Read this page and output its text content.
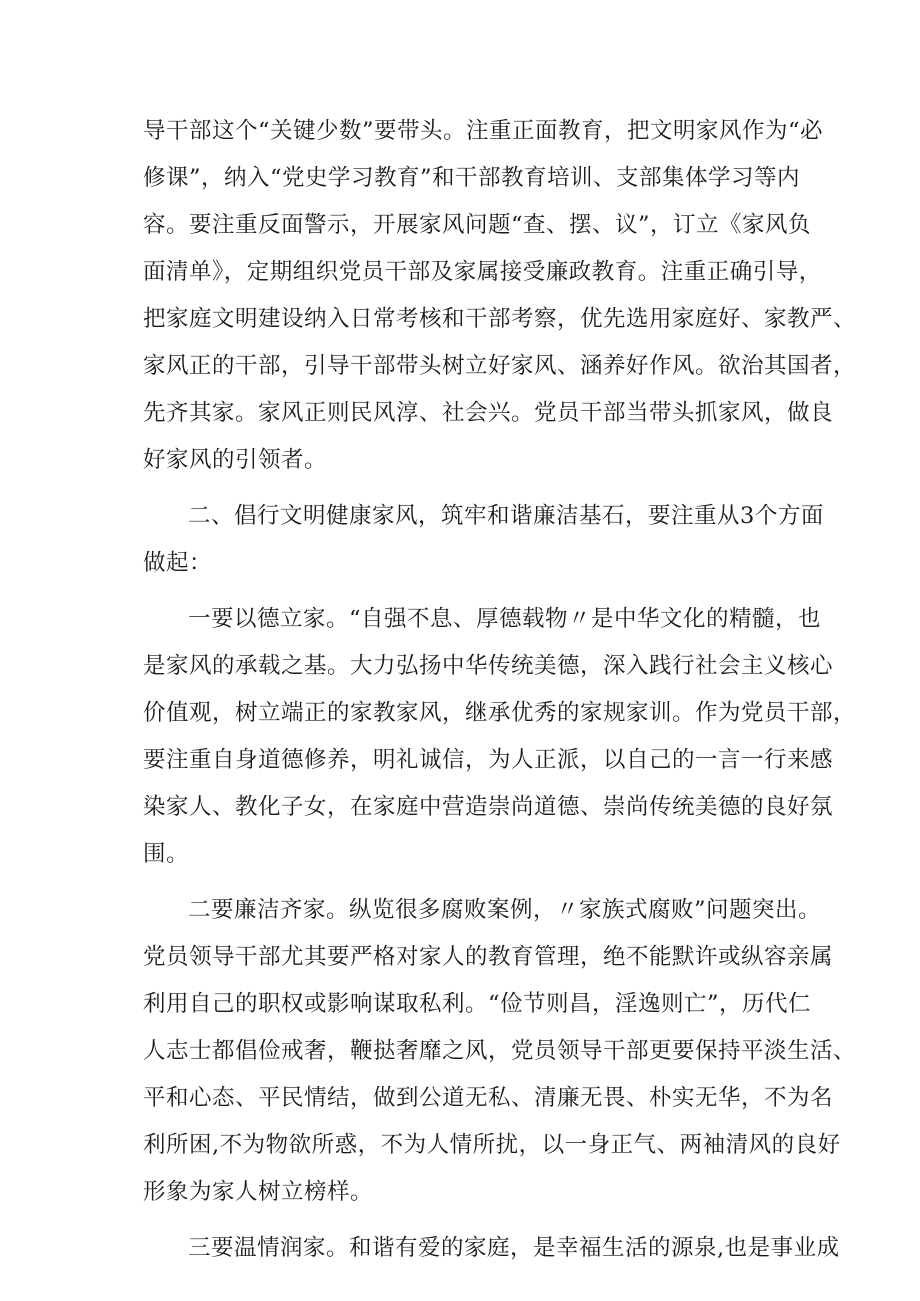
导干部这个“关键少数”要带头。注重正面教育，把文明家风作为“必
修课”，纳入“党史学习教育”和干部教育培训、支部集体学习等内
容。要注重反面警示，开展家风问题“查、摆、议”，订立《家风负
面清单》，定期组织党员干部及家属接受廉政教育。注重正确引导，
把家庭文明建设纳入日常考核和干部考察，优先选用家庭好、家教严、
家风正的干部，引导干部带头树立好家风、涵养好作风。欲治其国者，
先齐其家。家风正则民风淳、社会兴。党员干部当带头抓家风，做良
好家风的引领者。
二、倡行文明健康家风，筑牢和谐廉洁基石，要注重从3个方面
做起：
一要以德立家。“自强不息、厚德载物〃是中华文化的精髓，也
是家风的承载之基。大力弘扬中华传统美德，深入践行社会主义核心
价值观，树立端正的家教家风，继承优秀的家规家训。作为党员干部，
要注重自身道德修养，明礼诚信，为人正派，以自己的一言一行来感
染家人、教化子女，在家庭中营造崇尚道德、崇尚传统美德的良好氛
围。
二要廉洁齐家。纵览很多腐败案例，〃家族式腐败”问题突出。
党员领导干部尤其要严格对家人的教育管理，绝不能默许或纵容亲属
利用自己的职权或影响谋取私利。“俭节则昌，淫逸则亡”，历代仁
人志士都倡俭戒奢，鞭挞奢靡之风，党员领导干部更要保持平淡生活、
平和心态、平民情结，做到公道无私、清廉无畏、朴实无华，不为名
利所困,不为物欲所惑，不为人情所扰，以一身正气、两袖清风的良好
形象为家人树立榜样。
三要温情润家。和谐有爱的家庭，是幸福生活的源泉,也是事业成
